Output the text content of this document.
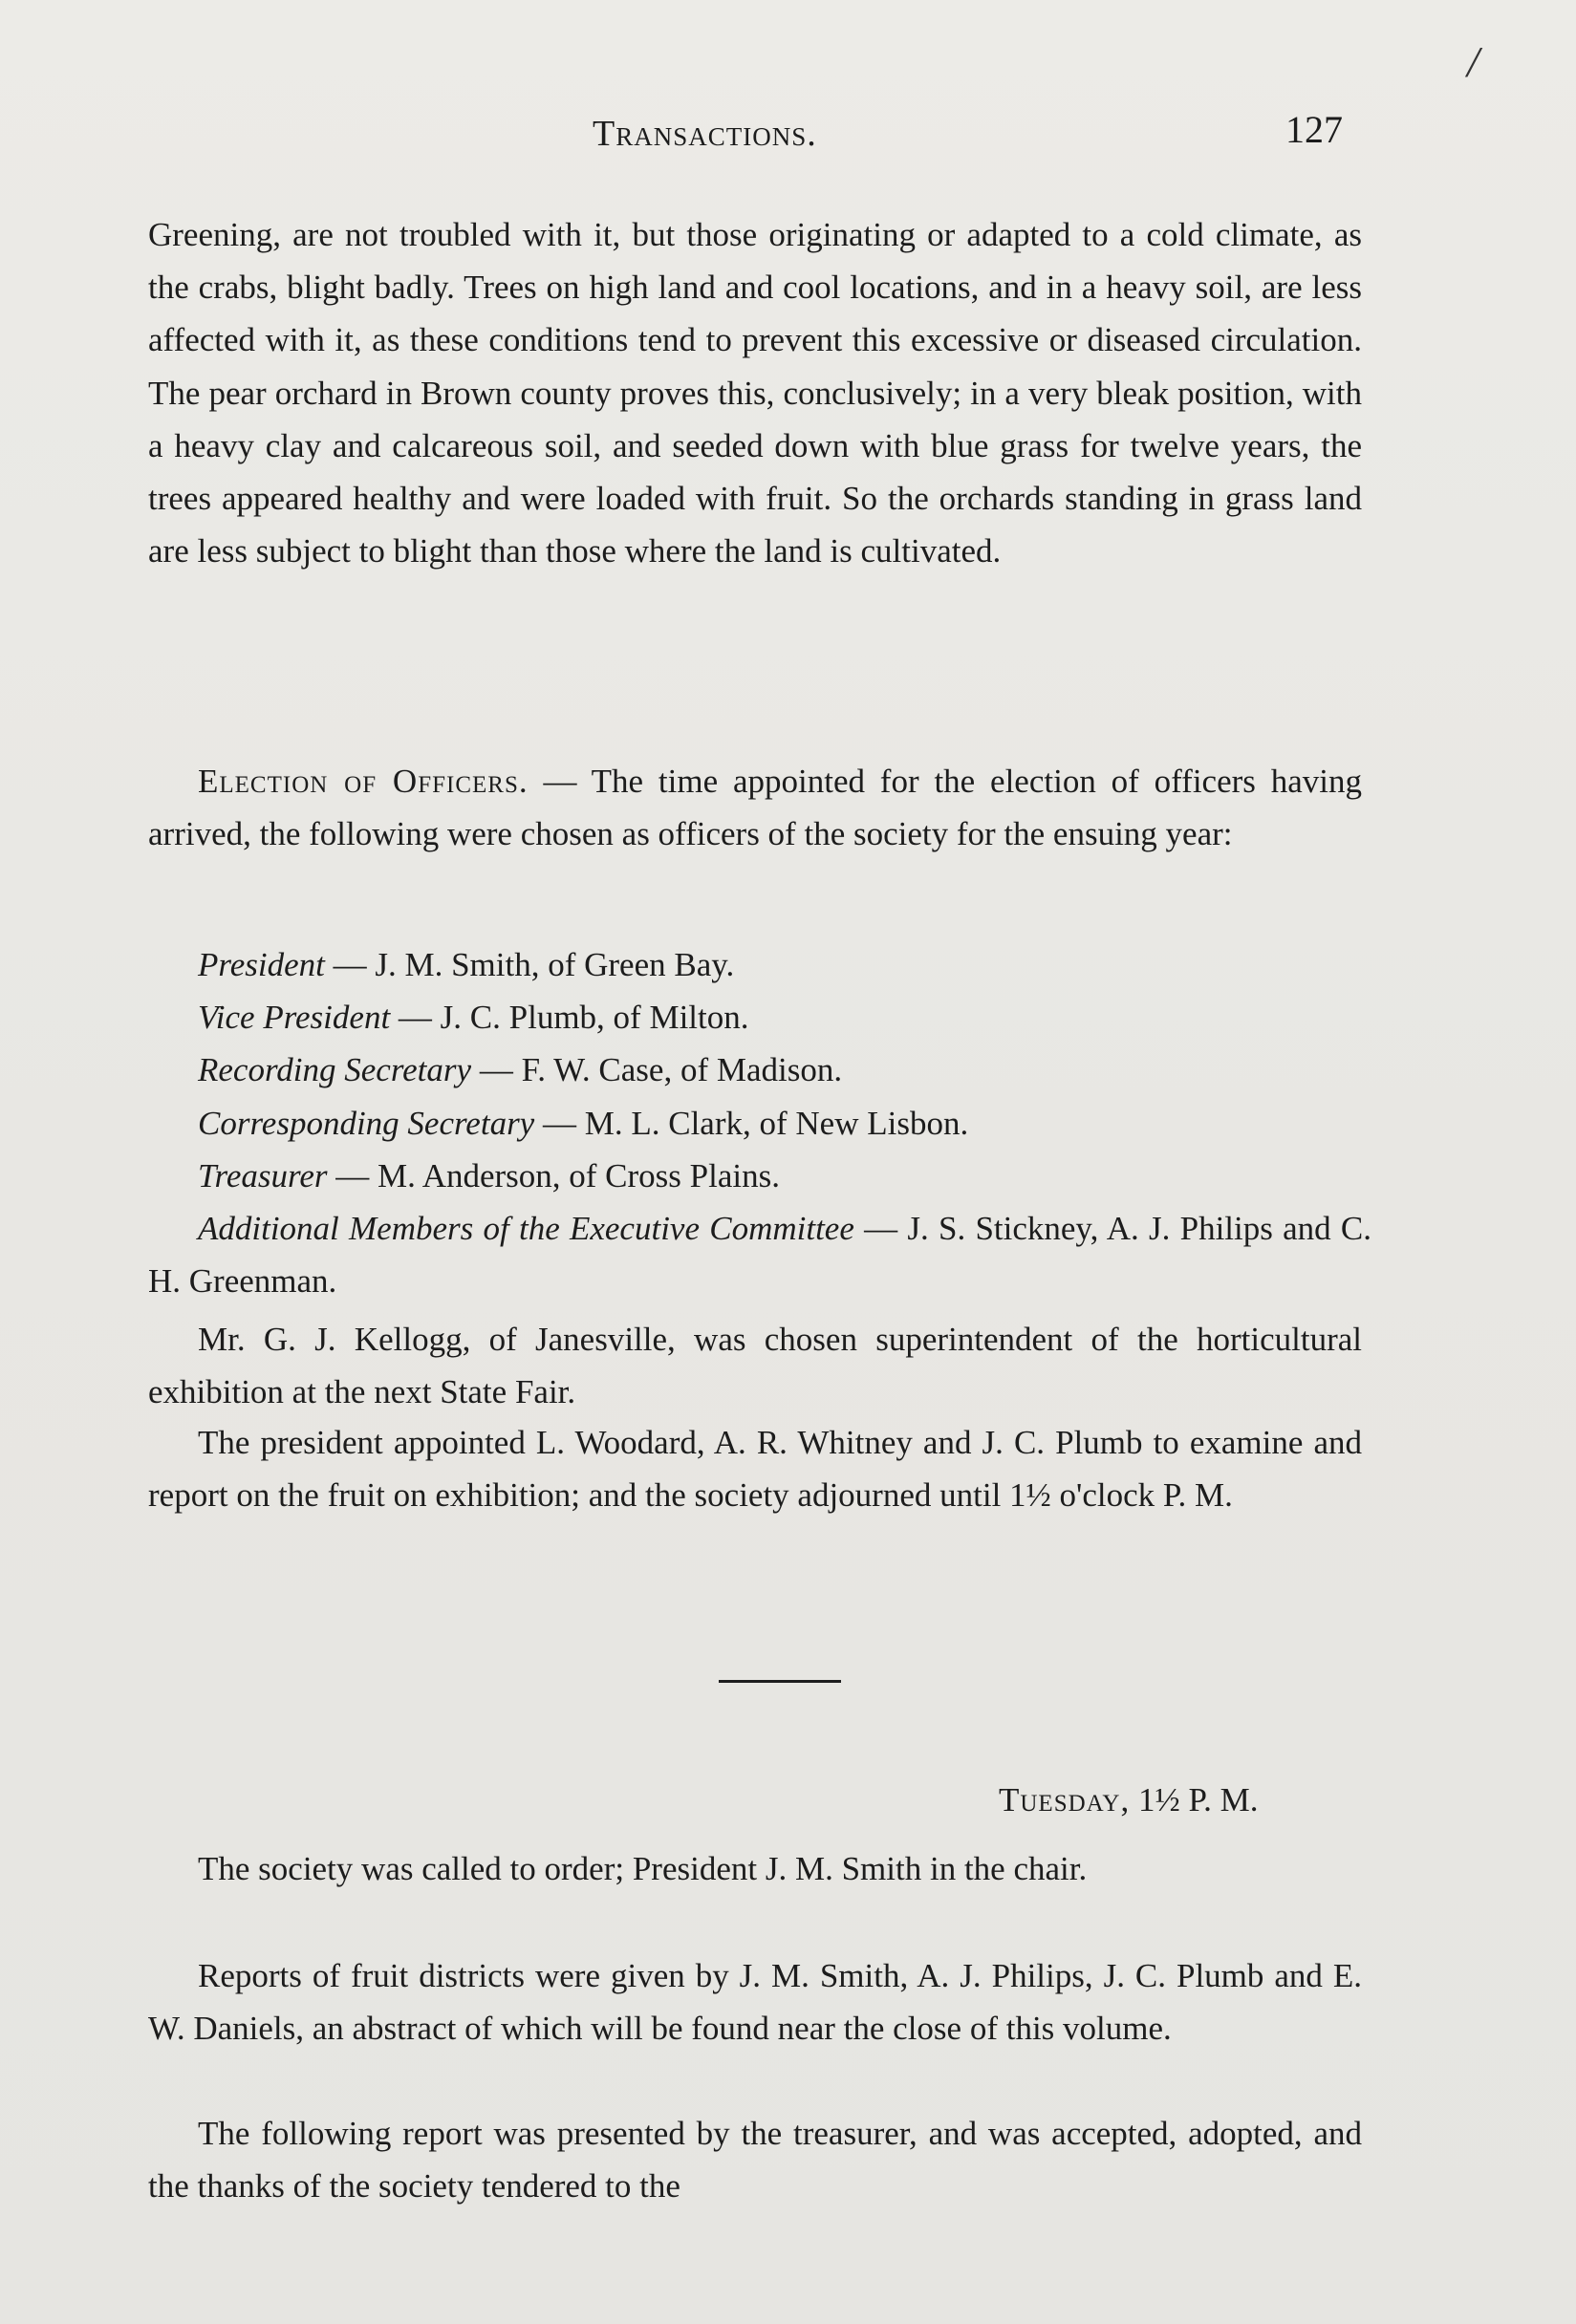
/
Transactions.	127

Greening, are not troubled with it, but those originating or adapted to a cold climate, as the crabs, blight badly. Trees on high land and cool locations, and in a heavy soil, are less affected with it, as these conditions tend to prevent this excessive or diseased circulation. The pear orchard in Brown county proves this, conclusively; in a very bleak position, with a heavy clay and calcareous soil, and seeded down with blue grass for twelve years, the trees appeared healthy and were loaded with fruit. So the orchards standing in grass land are less subject to blight than those where the land is cultivated.

Election of Officers. — The time appointed for the election of officers having arrived, the following were chosen as officers of the society for the ensuing year:

President — J. M. Smith, of Green Bay.
Vice President — J. C. Plumb, of Milton.
Recording Secretary — F. W. Case, of Madison.
Corresponding Secretary — M. L. Clark, of New Lisbon.
Treasurer — M. Anderson, of Cross Plains.
Additional Members of the Executive Committee — J. S. Stickney, A. J. Philips and C. H. Greenman.

Mr. G. J. Kellogg, of Janesville, was chosen superintendent of the horticultural exhibition at the next State Fair.

The president appointed L. Woodard, A. R. Whitney and J. C. Plumb to examine and report on the fruit on exhibition; and the society adjourned until 1½ o'clock P. M.

Tuesday, 1½ P. M.

The society was called to order; President J. M. Smith in the chair.

Reports of fruit districts were given by J. M. Smith, A. J. Philips, J. C. Plumb and E. W. Daniels, an abstract of which will be found near the close of this volume.

The following report was presented by the treasurer, and was accepted, adopted, and the thanks of the society tendered to the
